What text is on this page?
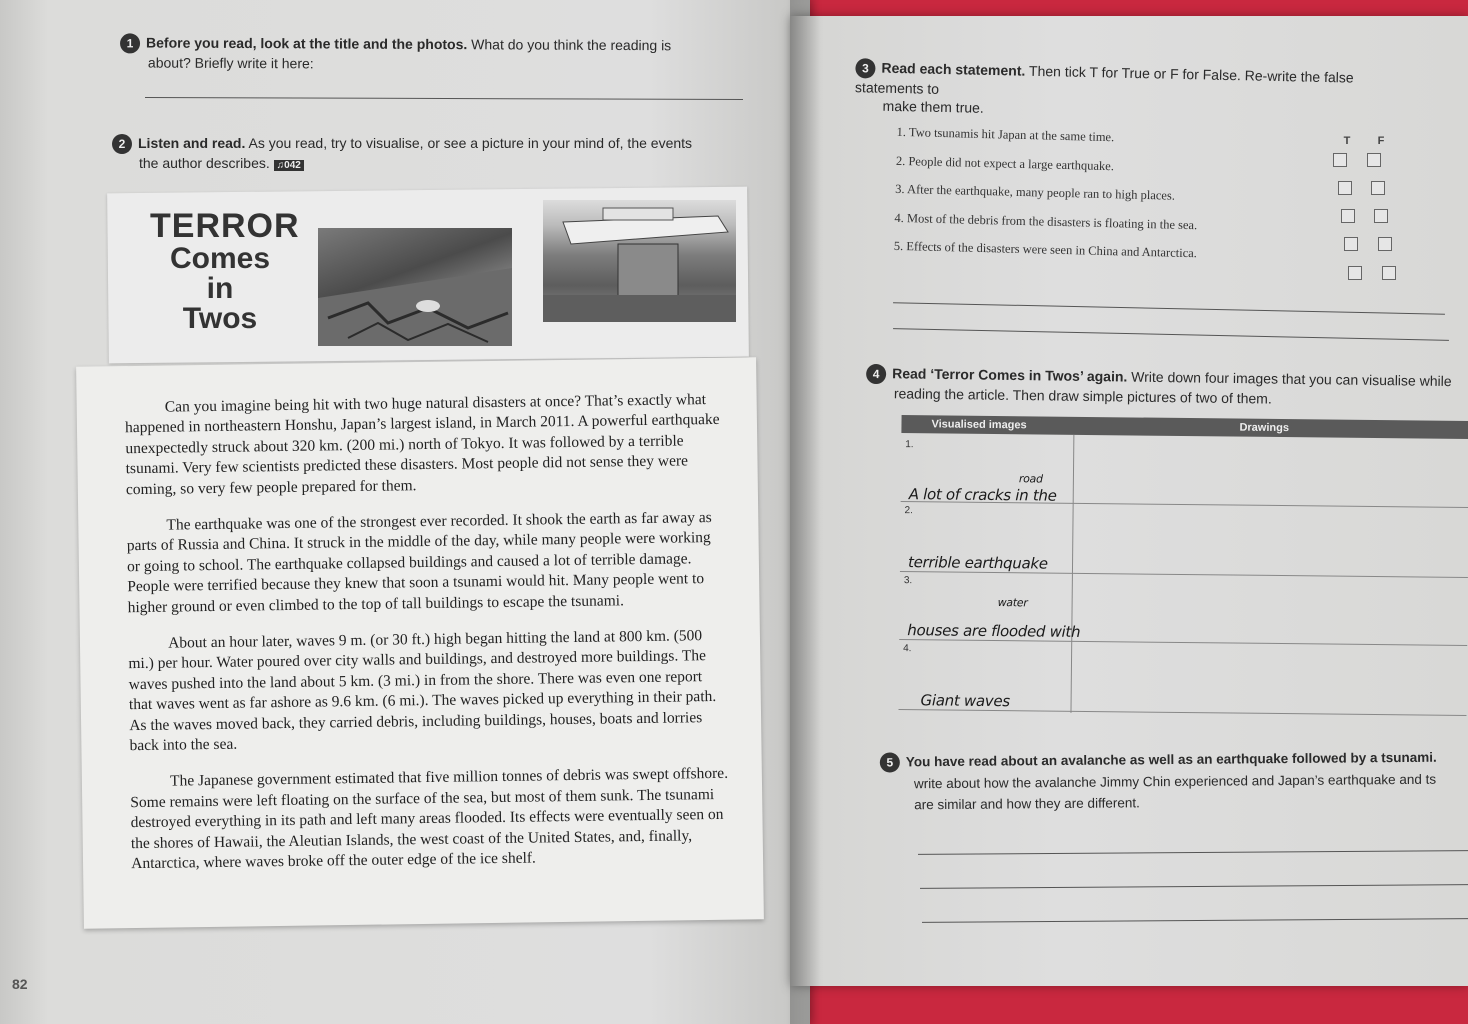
1 Before you read, look at the title and the photos. What do you think the reading is
about? Briefly write it here:
2 Listen and read. As you read, try to visualise, or see a picture in your mind of, the events
the author describes. ♫042
TERROR
Comes
in
Twos

Can you imagine being hit with two huge natural disasters at once? That’s exactly what happened in northeastern Honshu, Japan’s largest island, in March 2011. A powerful earthquake unexpectedly struck about 320 km. (200 mi.) north of Tokyo. It was followed by a terrible tsunami. Very few scientists predicted these disasters. Most people did not sense they were coming, so very few people prepared for them.

The earthquake was one of the strongest ever recorded. It shook the earth as far away as parts of Russia and China. It struck in the middle of the day, while many people were working or going to school. The earthquake collapsed buildings and caused a lot of terrible damage. People were terrified because they knew that soon a tsunami would hit. Many people went to higher ground or even climbed to the top of tall buildings to escape the tsunami.

About an hour later, waves 9 m. (or 30 ft.) high began hitting the land at 800 km. (500 mi.) per hour. Water poured over city walls and buildings, and destroyed more buildings. The waves pushed into the land about 5 km. (3 mi.) in from the shore. There was even one report that waves went as far ashore as 9.6 km. (6 mi.). The waves picked up everything in their path. As the waves moved back, they carried debris, including buildings, houses, boats and lorries back into the sea.

The Japanese government estimated that five million tonnes of debris was swept offshore. Some remains were left floating on the surface of the sea, but most of them sunk. The tsunami destroyed everything in its path and left many areas flooded. Its effects were eventually seen on the shores of Hawaii, the Aleutian Islands, the west coast of the United States, and, finally, Antarctica, where waves broke off the outer edge of the ice shelf.

82
3 Read each statement. Then tick T for True or F for False. Re-write the false statements to
make them true.
T F
1. Two tsunamis hit Japan at the same time.
2. People did not expect a large earthquake.
3. After the earthquake, many people ran to high places.
4. Most of the debris from the disasters is floating in the sea.
5. Effects of the disasters were seen in China and Antarctica.
4 Read ‘Terror Comes in Twos’ again. Write down four images that you can visualise while
reading the article. Then draw simple pictures of two of them.
Visualised images	Drawings
1.
road
A lot of cracks in the
2.
terrible earthquake
3.
water
houses are flooded with
4.
Giant waves
5 You have read about an avalanche as well as an earthquake followed by a tsunami.
write about how the avalanche Jimmy Chin experienced and Japan’s earthquake and ts
are similar and how they are different.
